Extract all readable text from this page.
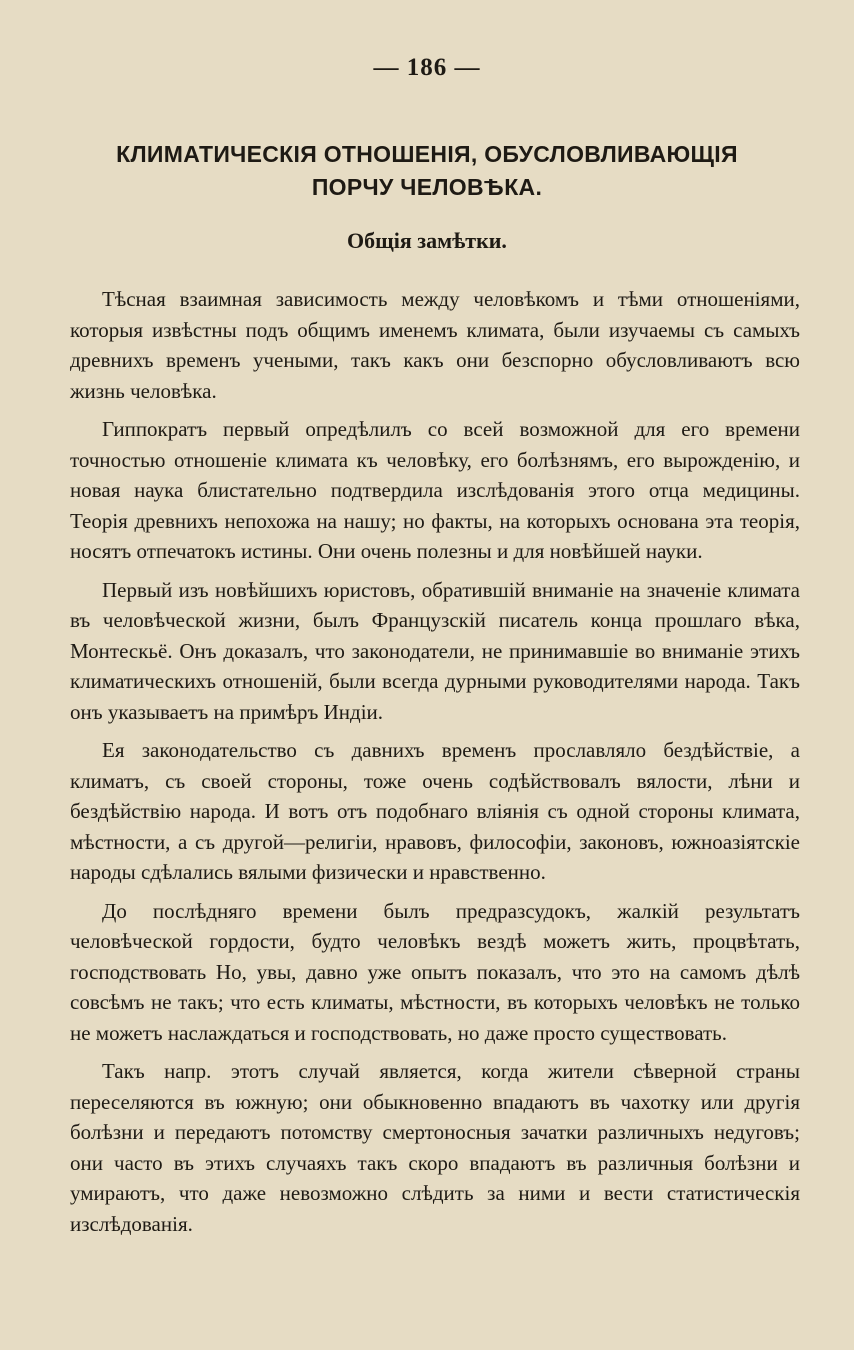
— 186 —
КЛИМАТИЧЕСКІЯ ОТНОШЕНІЯ, ОБУСЛОВЛИВАЮЩІЯ ПОРЧУ ЧЕЛОВѢКА.
Общія замѣтки.

Тѣсная взаимная зависимость между человѣкомъ и тѣми отношеніями, которыя извѣстны подъ общимъ именемъ климата, были изучаемы съ самыхъ древнихъ временъ учеными, такъ какъ они безспорно обусловливаютъ всю жизнь человѣка.

Гиппократъ первый опредѣлилъ со всей возможной для его времени точностью отношеніе климата къ человѣку, его болѣзнямъ, его вырожденію, и новая наука блистательно подтвердила изслѣдованія этого отца медицины. Теорія древнихъ непохожа на нашу; но факты, на которыхъ основана эта теорія, носятъ отпечатокъ истины. Они очень полезны и для новѣйшей науки.

Первый изъ новѣйшихъ юристовъ, обратившій вниманіе на значеніе климата въ человѣческой жизни, былъ Французскій писатель конца прошлаго вѣка, Монтескьё. Онъ доказалъ, что законодатели, не принимавшіе во вниманіе этихъ климатическихъ отношеній, были всегда дурными руководителями народа. Такъ онъ указываетъ на примѣръ Индіи.

Ея законодательство съ давнихъ временъ прославляло бездѣйствіе, а климатъ, съ своей стороны, тоже очень содѣйствовалъ вялости, лѣни и бездѣйствію народа. И вотъ отъ подобнаго вліянія съ одной стороны климата, мѣстности, а съ другой—религіи, нравовъ, философіи, законовъ, южноазіятскіе народы сдѣлались вялыми физически и нравственно.

До послѣдняго времени былъ предразсудокъ, жалкій результатъ человѣческой гордости, будто человѣкъ вездѣ можетъ жить, процвѣтать, господствовать Но, увы, давно уже опытъ показалъ, что это на самомъ дѣлѣ совсѣмъ не такъ; что есть климаты, мѣстности, въ которыхъ человѣкъ не только не можетъ наслаждаться и господствовать, но даже просто существовать.

Такъ напр. этотъ случай является, когда жители сѣверной страны переселяются въ южную; они обыкновенно впадаютъ въ чахотку или другія болѣзни и передаютъ потомству смертоносныя зачатки различныхъ недуговъ; они часто въ этихъ случаяхъ такъ скоро впадаютъ въ различныя болѣзни и умираютъ, что даже невозможно слѣдить за ними и вести статистическія изслѣдованія.
